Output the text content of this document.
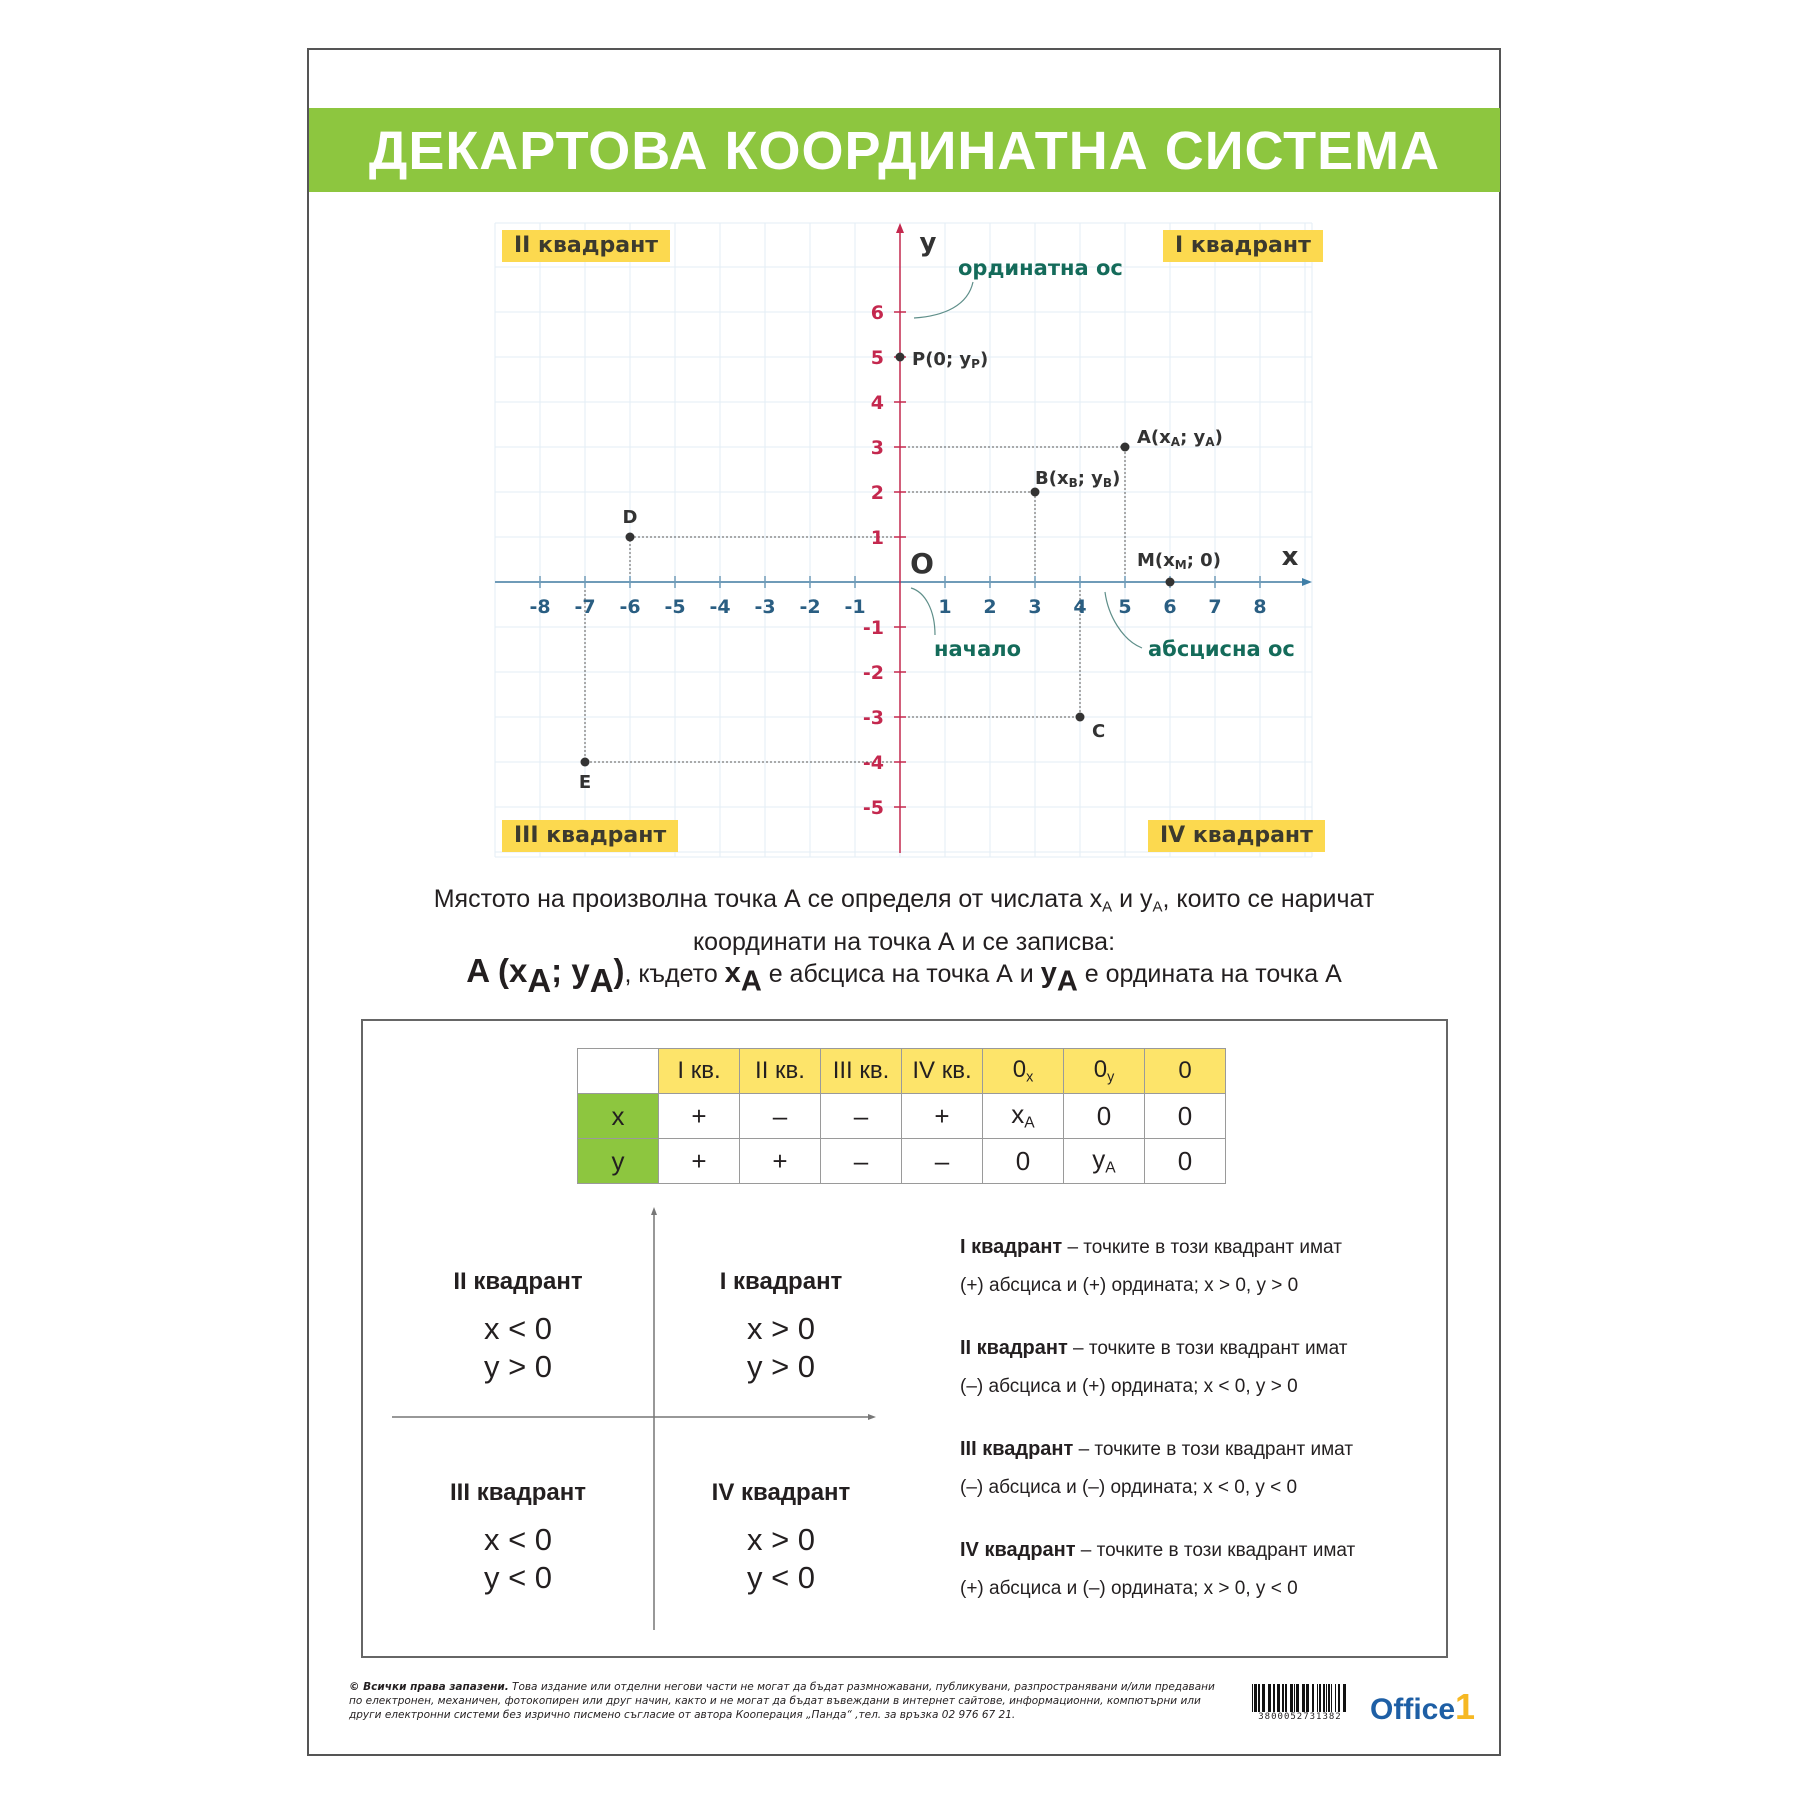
ДЕКАРТОВА КООРДИНАТНА СИСТЕМА
-8 -7 -6 -5 -4 -3 -2 -1	1 2 3 4 5 6 7 8
6
5
4
3
2
1
-1
-2
-3
-4
-5
x
y
O
ординатна ос
начало	абсцисна ос
P(0; yP)
A(xA; yA)
B(xB; yB)
M(xM; 0)
D
C
E
II квадрант	I квадрант
III квадрант	IV квадрант
Мястото на произволна точка А се определя от числата $x_A$ и $y_A$, които се наричат
координати на точка А и се записва:
A ($x_A$; $y_A$), където $x_A$ е абсциса на точка А и $y_A$ е ордината на точка А
	I кв.	II кв.	III кв.	IV кв.	$0_x$	$0_y$	0
x	+	–	–	+	$x_A$	0	0
y	+	+	–	–	0	$y_A$	0
II квадрант
x < 0
y > 0
I квадрант
x > 0
y > 0
III квадрант
x < 0
y < 0
IV квадрант
x > 0
y < 0
I квадрант – точките в този квадрант имат
(+) абсциса и (+) ордината; x > 0, y > 0
II квадрант – точките в този квадрант имат
(–) абсциса и (+) ордината; x < 0, y > 0
III квадрант – точките в този квадрант имат
(–) абсциса и (–) ордината; x < 0, y < 0
IV квадрант – точките в този квадрант имат
(+) абсциса и (–) ордината; x > 0, y < 0
© Всички права запазени. Това издание или отделни негови части не могат да бъдат размножавани, публикувани, разпространявани и/или предавани по електронен, механичен, фотокопирен или друг начин, както и не могат да бъдат въвеждани в интернет сайтове, информационни, компютърни или други електронни системи без изрично писмено съгласие от автора Кооперация „Панда“ ,тел. за връзка 02 976 67 21.	3800052731382 Office1
